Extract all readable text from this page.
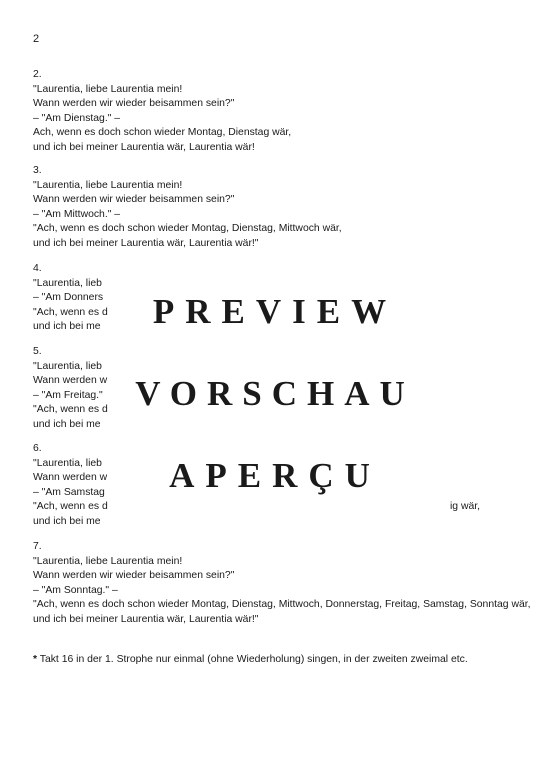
2
2.
"Laurentia, liebe Laurentia mein!
Wann werden wir wieder beisammen sein?"
– "Am Dienstag." –
Ach, wenn es doch schon wieder Montag, Dienstag wär,
und ich bei meiner Laurentia wär, Laurentia wär!
3.
"Laurentia, liebe Laurentia mein!
Wann werden wir wieder beisammen sein?"
– "Am Mittwoch." –
"Ach, wenn es doch schon wieder Montag, Dienstag, Mittwoch wär,
und ich bei meiner Laurentia wär, Laurentia wär!"
4.
"Laurentia, lieb
– "Am Donners
"Ach, wenn es d
und ich bei me
5.
"Laurentia, lieb
Wann werden w
– "Am Freitag."
"Ach, wenn es d
und ich bei me
6.
"Laurentia, lieb
Wann werden w
– "Am Samstag
"Ach, wenn es d
und ich bei me
ig wär,
7.
"Laurentia, liebe Laurentia mein!
Wann werden wir wieder beisammen sein?"
– "Am Sonntag." –
"Ach, wenn es doch schon wieder Montag, Dienstag, Mittwoch, Donnerstag, Freitag, Samstag, Sonntag wär,
und ich bei meiner Laurentia wär, Laurentia wär!"
* Takt 16 in der 1. Strophe nur einmal (ohne Wiederholung) singen, in der zweiten zweimal etc.
PREVIEW
VORSCHAU
APERÇU
